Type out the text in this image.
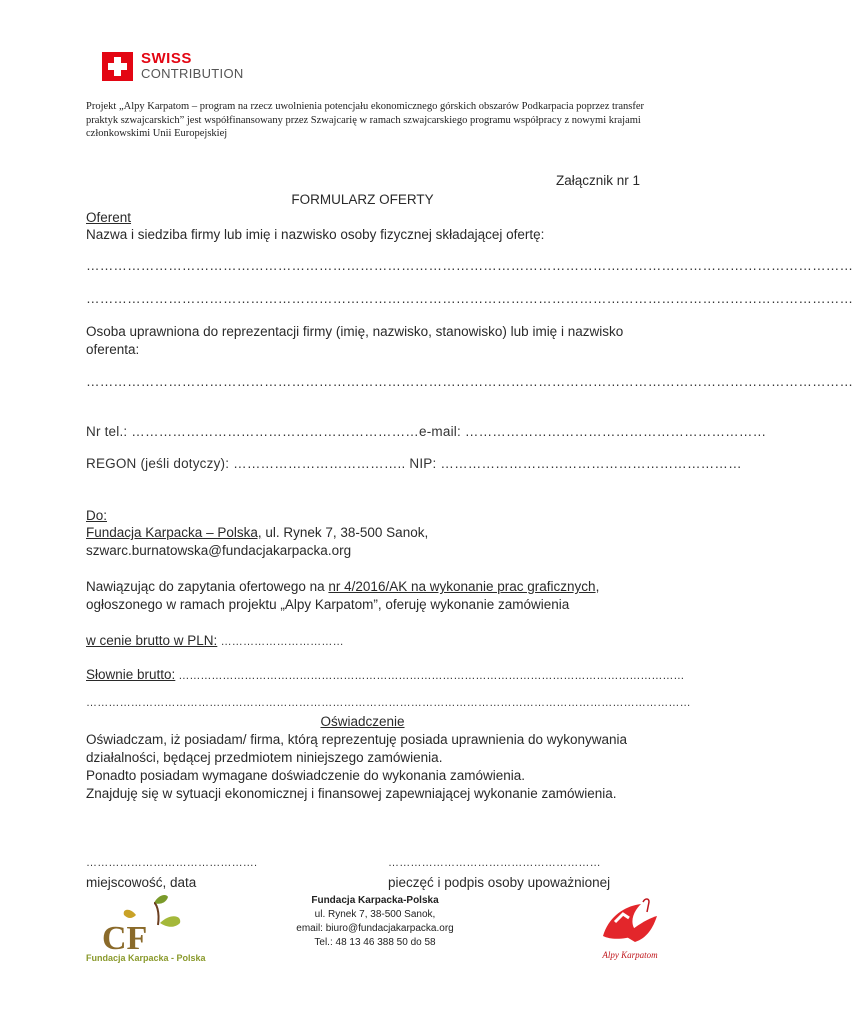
SWISS
CONTRIBUTION
Projekt „Alpy Karpatom – program na rzecz uwolnienia potencjału ekonomicznego górskich obszarów Podkarpacia poprzez transfer praktyk szwajcarskich” jest współfinansowany przez Szwajcarię w ramach szwajcarskiego programu współpracy z nowymi krajami członkowskimi Unii Europejskiej
Załącznik nr 1
FORMULARZ OFERTY
Oferent
Nazwa i siedziba firmy lub imię i nazwisko osoby fizycznej składającej ofertę:
……………………………………………………………………………………………………………………………………………………
……………………………………………………………………………………………………………………………………………………
Osoba uprawniona do reprezentacji firmy (imię, nazwisko, stanowisko) lub imię i nazwisko oferenta:
……………………………………………………………………………………………………………………………………………………
Nr tel.: ………………………………………………………e-mail: …………………………………………………………
REGON (jeśli dotyczy): ……………………………….. NIP: …………………………………………………………
Do:
Fundacja Karpacka – Polska, ul. Rynek 7, 38-500 Sanok,
szwarc.burnatowska@fundacjakarpacka.org
Nawiązując do zapytania ofertowego na nr 4/2016/AK na wykonanie prac graficznych,
ogłoszonego w ramach projektu „Alpy Karpatom”, oferuję wykonanie zamówienia
w cenie brutto w PLN: ……………………………
Słownie brutto: …………………………………………………………………………………………………………………………
………………………………………………………………………………………………………………………………………………
Oświadczenie
Oświadczam, iż posiadam/ firma, którą reprezentuję posiada uprawnienia do wykonywania działalności, będącej przedmiotem niniejszego zamówienia.
Ponadto posiadam wymagane doświadczenie do wykonania zamówienia.
Znajduję się w sytuacji ekonomicznej i finansowej zapewniającej wykonanie zamówienia.
……………………………………….
miejscowość, data
…………………………………………………
pieczęć i podpis osoby upoważnionej
CF
Fundacja Karpacka - Polska
Fundacja Karpacka-Polska
ul. Rynek 7, 38-500 Sanok,
email: biuro@fundacjakarpacka.org
Tel.: 48 13 46 388 50 do 58
Alpy Karpatom
